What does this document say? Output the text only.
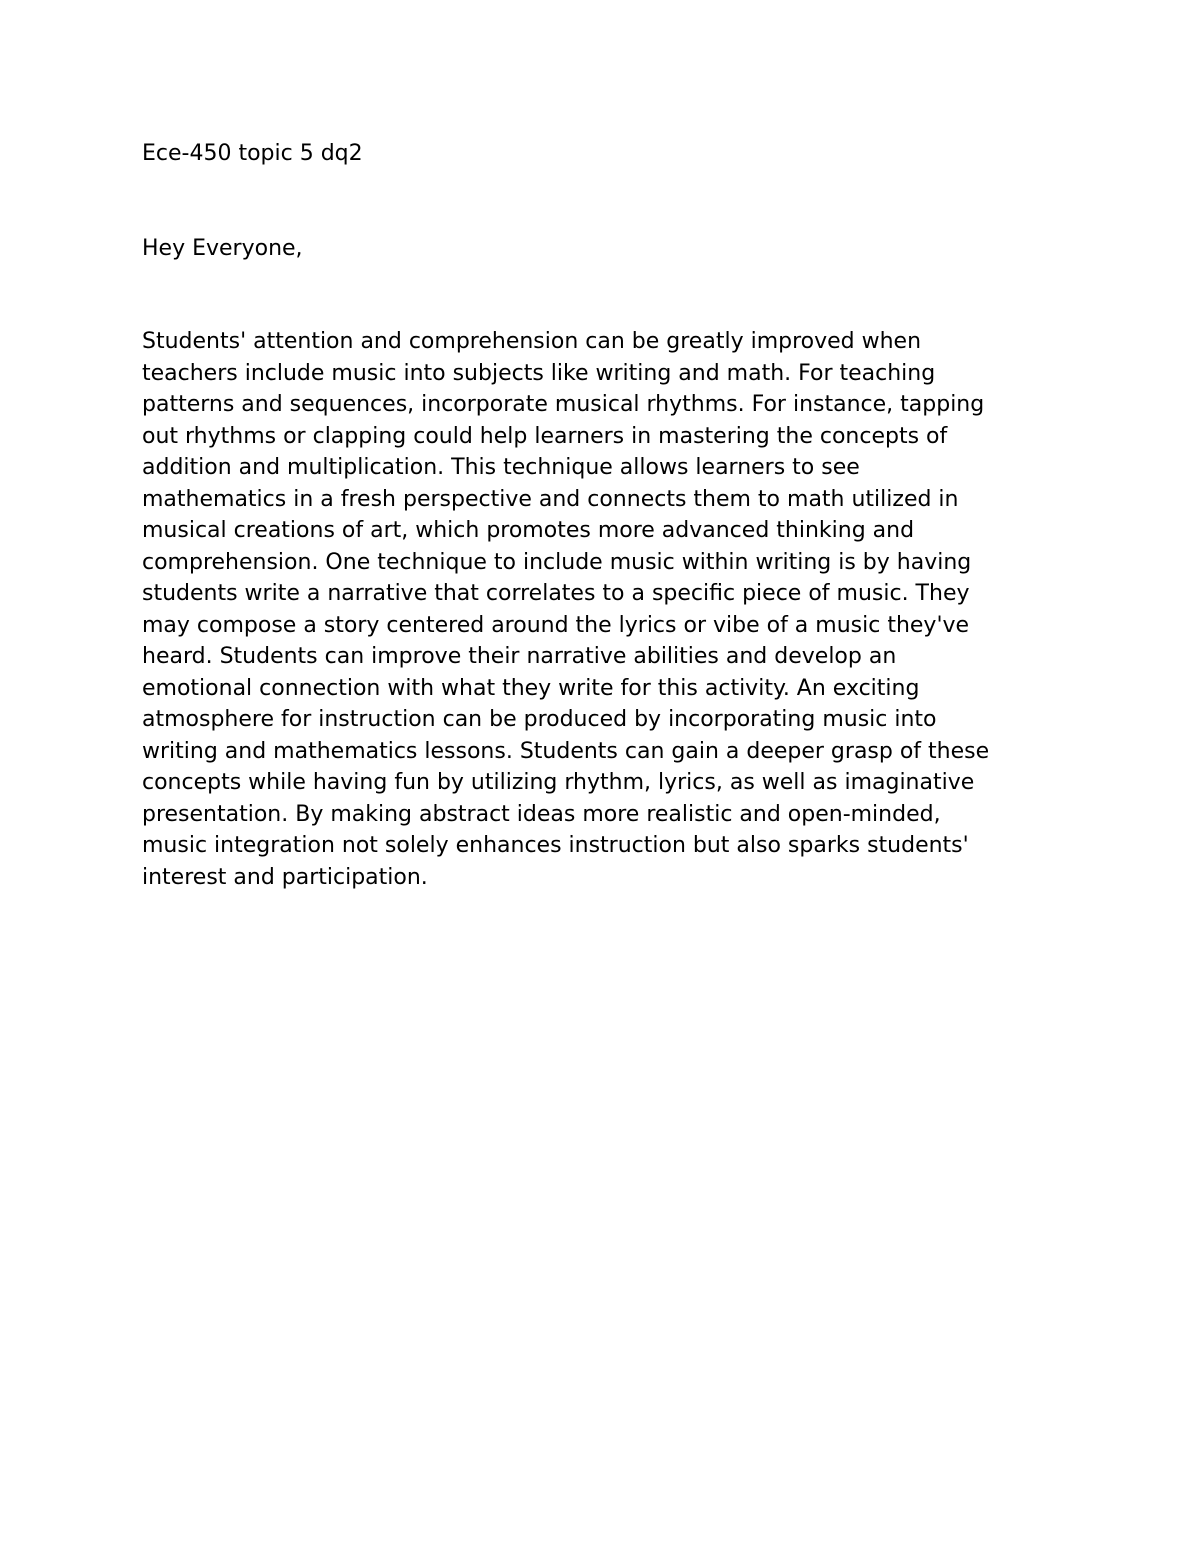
Ece-450 topic 5 dq2

Hey Everyone,

Students' attention and comprehension can be greatly improved when
teachers include music into subjects like writing and math. For teaching
patterns and sequences, incorporate musical rhythms. For instance, tapping
out rhythms or clapping could help learners in mastering the concepts of
addition and multiplication. This technique allows learners to see
mathematics in a fresh perspective and connects them to math utilized in
musical creations of art, which promotes more advanced thinking and
comprehension. One technique to include music within writing is by having
students write a narrative that correlates to a specific piece of music. They
may compose a story centered around the lyrics or vibe of a music they've
heard. Students can improve their narrative abilities and develop an
emotional connection with what they write for this activity. An exciting
atmosphere for instruction can be produced by incorporating music into
writing and mathematics lessons. Students can gain a deeper grasp of these
concepts while having fun by utilizing rhythm, lyrics, as well as imaginative
presentation. By making abstract ideas more realistic and open-minded,
music integration not solely enhances instruction but also sparks students'
interest and participation.
